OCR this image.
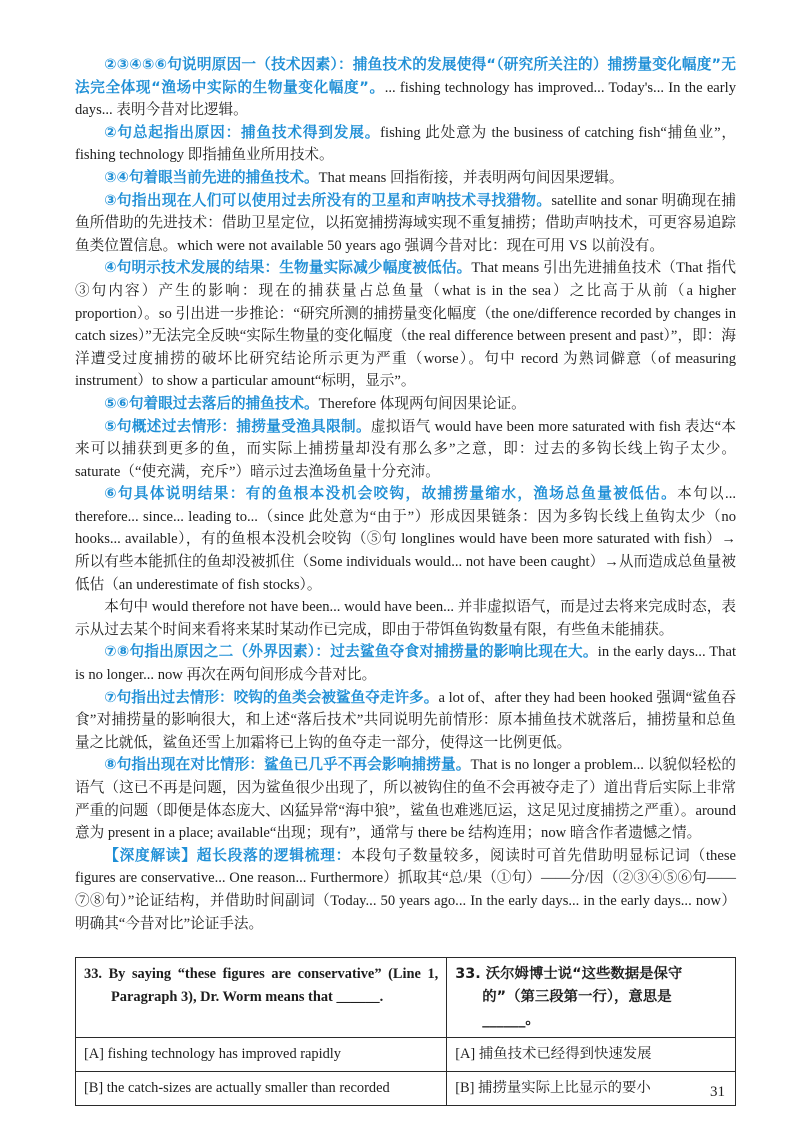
②③④⑤⑥句说明原因一（技术因素）：捕鱼技术的发展使得“（研究所关注的）捕捞量变化幅度”无法完全体现“渔场中实际的生物量变化幅度”。... fishing technology has improved... Today's... In the early days... 表明今昔对比逻辑。

②句总起指出原因：捕鱼技术得到发展。fishing 此处意为 the business of catching fish“捕鱼业”，fishing technology 即指捕鱼业所用技术。

③④句着眼当前先进的捕鱼技术。That means 回指衔接，并表明两句间因果逻辑。

③句指出现在人们可以使用过去所没有的卫星和声呐技术寻找猎物。satellite and sonar 明确现在捕鱼所借助的先进技术：借助卫星定位，以拓宽捕捞海域实现不重复捕捞；借助声呐技术，可更容易追踪鱼类位置信息。which were not available 50 years ago 强调今昔对比：现在可用 VS 以前没有。

④句明示技术发展的结果：生物量实际减少幅度被低估。That means 引出先进捕鱼技术（That 指代③句内容）产生的影响：现在的捕获量占总鱼量（what is in the sea）之比高于从前（a higher proportion）。so 引出进一步推论：“研究所测的捕捞量变化幅度（the one/difference recorded by changes in catch sizes）”无法完全反映“实际生物量的变化幅度（the real difference between present and past）”，即：海洋遭受过度捕捞的破坏比研究结论所示更为严重（worse）。句中 record 为熟词僻意（of measuring instrument）to show a particular amount“标明，显示”。

⑤⑥句着眼过去落后的捕鱼技术。Therefore 体现两句间因果论证。

⑤句概述过去情形：捕捞量受渔具限制。虚拟语气 would have been more saturated with fish 表达“本来可以捕获到更多的鱼，而实际上捕捞量却没有那么多”之意，即：过去的多钩长线上钩子太少。saturate（“使充满，充斥”）暗示过去渔场鱼量十分充沛。

⑥句具体说明结果：有的鱼根本没机会咬钩，故捕捞量缩水，渔场总鱼量被低估。本句以... therefore... since... leading to...（since 此处意为“由于”）形成因果链条：因为多钩长线上鱼钩太少（no hooks... available），有的鱼根本没机会咬钩（⑤句 longlines would have been more saturated with fish）→所以有些本能抓住的鱼却没被抓住（Some individuals would... not have been caught）→从而造成总鱼量被低估（an underestimate of fish stocks）。

本句中 would therefore not have been... would have been... 并非虚拟语气，而是过去将来完成时态，表示从过去某个时间来看将来某时某动作已完成，即由于带饵鱼钩数量有限，有些鱼未能捕获。

⑦⑧句指出原因之二（外界因素）：过去鲨鱼夺食对捕捞量的影响比现在大。in the early days... That is no longer... now 再次在两句间形成今昔对比。

⑦句指出过去情形：咬钩的鱼类会被鲨鱼夺走许多。a lot of、after they had been hooked 强调“鲨鱼吞食”对捕捞量的影响很大，和上述“落后技术”共同说明先前情形：原本捕鱼技术就落后，捕捞量和总鱼量之比就低，鲨鱼还雪上加霜将已上钩的鱼夺走一部分，使得这一比例更低。

⑧句指出现在对比情形：鲨鱼已几乎不再会影响捕捞量。That is no longer a problem... 以貌似轻松的语气（这已不再是问题，因为鲨鱼很少出现了，所以被钩住的鱼不会再被夺走了）道出背后实际上非常严重的问题（即便是体态庞大、凶猛异常“海中狼”，鲨鱼也难逃厄运，这足见过度捕捞之严重）。around 意为 present in a place; available“出现；现有”，通常与 there be 结构连用；now 暗含作者遗憾之情。

【深度解读】超长段落的逻辑梳理：本段句子数量较多，阅读时可首先借助明显标记词（these figures are conservative... One reason... Furthermore）抓取其“总/果（①句）——分/因（②③④⑤⑥句——⑦⑧句）”论证结构，并借助时间副词（Today... 50 years ago... In the early days... in the early days... now）明确其“今昔对比”论证手法。

33. By saying “these figures are conservative” (Line 1, Paragraph 3), Dr. Worm means that ______.	33. 沃尔姆博士说“这些数据是保守的”（第三段第一行），意思是______。

[A] fishing technology has improved rapidly	[A] 捕鱼技术已经得到快速发展
[B] the catch-sizes are actually smaller than recorded	[B] 捕捞量实际上比显示的要小	31
